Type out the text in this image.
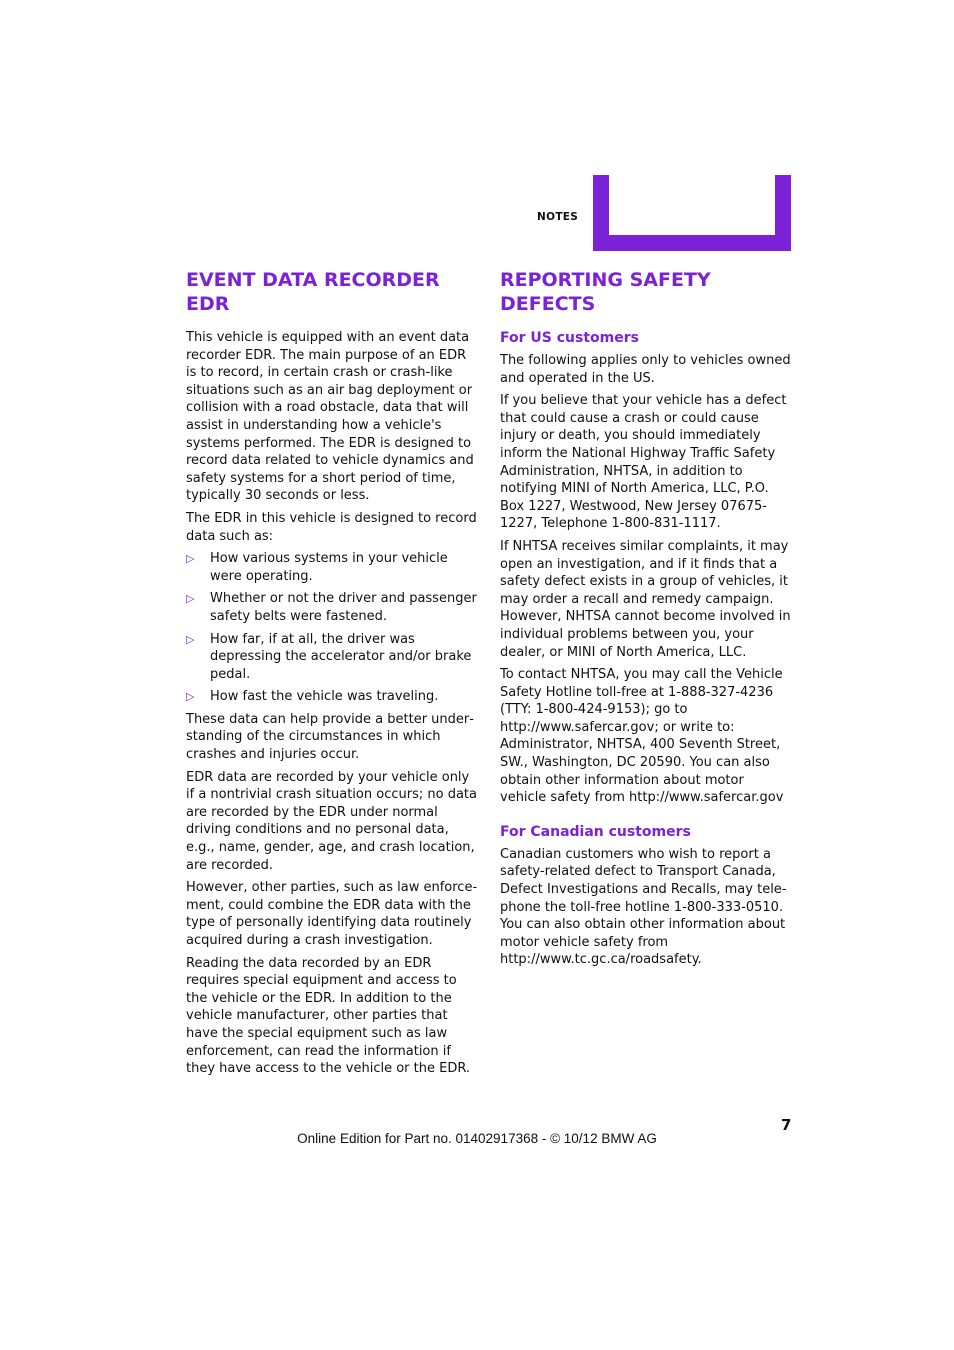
NOTES
EVENT DATA RECORDER EDR

This vehicle is equipped with an event data recorder EDR. The main purpose of an EDR is to record, in certain crash or crash-like situations such as an air bag deployment or collision with a road obstacle, data that will assist in understanding how a vehicle's systems performed. The EDR is designed to record data related to vehicle dynamics and safety systems for a short period of time, typically 30 seconds or less.

The EDR in this vehicle is designed to record data such as:

▷ How various systems in your vehicle were operating.
▷ Whether or not the driver and passenger safety belts were fastened.
▷ How far, if at all, the driver was depressing the accelerator and/or brake pedal.
▷ How fast the vehicle was traveling.

These data can help provide a better understanding of the circumstances in which crashes and injuries occur.

EDR data are recorded by your vehicle only if a nontrivial crash situation occurs; no data are recorded by the EDR under normal driving conditions and no personal data, e.g., name, gender, age, and crash location, are recorded.

However, other parties, such as law enforcement, could combine the EDR data with the type of personally identifying data routinely acquired during a crash investigation.

Reading the data recorded by an EDR requires special equipment and access to the vehicle or the EDR. In addition to the vehicle manufacturer, other parties that have the special equipment such as law enforcement, can read the information if they have access to the vehicle or the EDR.

REPORTING SAFETY DEFECTS
For US customers

The following applies only to vehicles owned and operated in the US.

If you believe that your vehicle has a defect that could cause a crash or could cause injury or death, you should immediately inform the National Highway Traffic Safety Administration, NHTSA, in addition to notifying MINI of North America, LLC, P.O. Box 1227, Westwood, New Jersey 07675-1227, Telephone 1-800-831-1117.

If NHTSA receives similar complaints, it may open an investigation, and if it finds that a safety defect exists in a group of vehicles, it may order a recall and remedy campaign. However, NHTSA cannot become involved in individual problems between you, your dealer, or MINI of North America, LLC.

To contact NHTSA, you may call the Vehicle Safety Hotline toll-free at 1-888-327-4236 (TTY: 1-800-424-9153); go to http://www.safercar.gov; or write to: Administrator, NHTSA, 400 Seventh Street, SW., Washington, DC 20590. You can also obtain other information about motor vehicle safety from http://www.safercar.gov

For Canadian customers

Canadian customers who wish to report a safety-related defect to Transport Canada, Defect Investigations and Recalls, may telephone the toll-free hotline 1-800-333-0510. You can also obtain other information about motor vehicle safety from http://www.tc.gc.ca/​roadsafety.

7
Online Edition for Part no. 01402917368 - © 10/12 BMW AG
